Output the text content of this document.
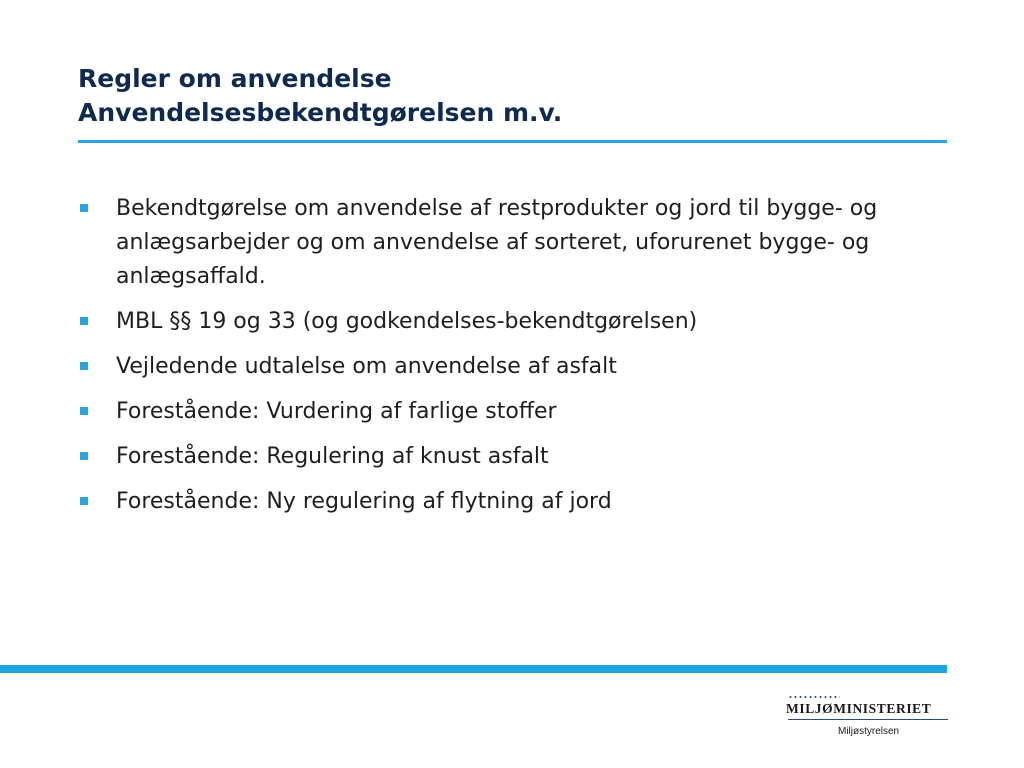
Regler om anvendelse
Anvendelsesbekendtgørelsen m.v.
Bekendtgørelse om anvendelse af restprodukter og jord til bygge- og anlægsarbejder og om anvendelse af sorteret, uforurenet bygge- og anlægsaffald.
MBL §§ 19 og 33 (og godkendelses-bekendtgørelsen)
Vejledende udtalelse om anvendelse af asfalt
Forestående: Vurdering af farlige stoffer
Forestående: Regulering af knust asfalt
Forestående: Ny regulering af flytning af jord
MILJØMINISTERIET
Miljøstyrelsen
